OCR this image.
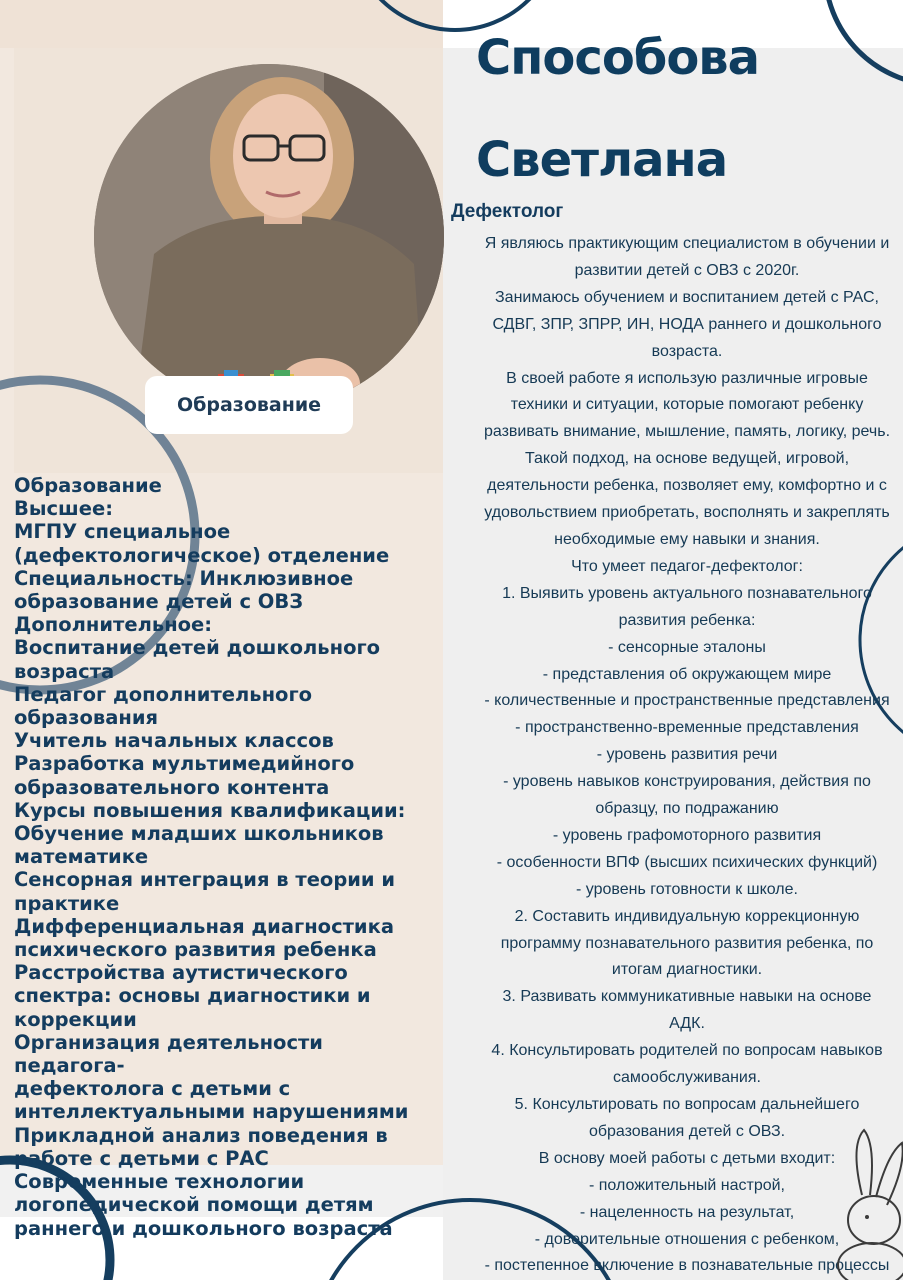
Образование
Образование
Высшее:
МГПУ специальное
(дефектологическое) отделение
Специальность: Инклюзивное
образование детей с ОВЗ
Дополнительное:
Воспитание детей дошкольного
возраста
Педагог дополнительного
образования
Учитель начальных классов
Разработка мультимедийного
образовательного контента
Курсы повышения квалификации:
Обучение младших школьников
математике
Сенсорная интеграция в теории и
практике
Дифференциальная диагностика
психического развития ребенка
Расстройства аутистического
спектра: основы диагностики и
коррекции
Организация деятельности педагога-
дефектолога с детьми с
интеллектуальными нарушениями
Прикладной анализ поведения в
работе с детьми с РАС
Современные технологии
логопедической помощи детям
раннего и дошкольного возраста
Способова
Светлана
Дефектолог
Я являюсь практикующим специалистом в обучении и
развитии детей с ОВЗ с 2020г.
Занимаюсь обучением и воспитанием детей с РАС,
СДВГ, ЗПР, ЗПРР, ИН, НОДА раннего и дошкольного
возраста.
В своей работе я использую различные игровые
техники и ситуации, которые помогают ребенку
развивать внимание, мышление, память, логику, речь.
Такой подход, на основе ведущей, игровой,
деятельности ребенка, позволяет ему, комфортно и с
удовольствием приобретать, восполнять и закреплять
необходимые ему навыки и знания.
Что умеет педагог-дефектолог:
1. Выявить уровень актуального познавательного
развития ребенка:
- сенсорные эталоны
- представления об окружающем мире
- количественные и пространственные представления
- пространственно-временные представления
- уровень развития речи
- уровень навыков конструирования, действия по
образцу, по подражанию
- уровень графомоторного развития
- особенности ВПФ (высших психических функций)
- уровень готовности к школе.
2. Составить индивидуальную коррекционную
программу познавательного развития ребенка, по
итогам диагностики.
3. Развивать коммуникативные навыки на основе
АДК.
4. Консультировать родителей по вопросам навыков
самообслуживания.
5. Консультировать по вопросам дальнейшего
образования детей с ОВЗ.
В основу моей работы с детьми входит:
- положительный настрой,
- нацеленность на результат,
- доверительные отношения с ребенком,
- постепенное включение в познавательные процессы
